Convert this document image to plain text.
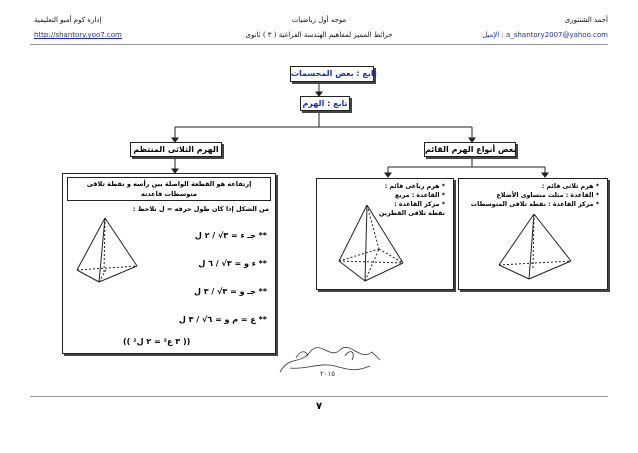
أحمد الشنتورى
الإميل : a_shantory2007@yahoo.com
موجه أول رياضيات
خرائط المميز لمفاهيم الهندسة الفراغية ( ٣ ) ثانوى
إدارة كوم أمبو التعليمية
http://shantory.yoo7.com
تابع : بعض المجسمات
تابع : الهرم
بعض أنواع الهرم القائم
الهرم الثلاثى المنتظم
* هرم ثلاثى قائم :
* القاعدة : مثلث متساوى الأضلاع
* مركز القاعدة : نقطة تلاقى المتوسطات
* هرم رباعى قائم :
* القاعدة : مربع
* مركز القاعدة :
نقطة تلاقى القطرين
إرتفاعه هو القطعة الواصلة بين رأسه و نقطة تلاقى
متوسطات قاعدته
من الشكل إذا كان طول حرفه = ل نلاحظ :
** جـ ء = ٣√ / ٢ ل
** ء و = ٣√ / ٦ ل
** جـ و = ٣√ / ٣ ل
** ع = م و = ٦√ / ٣ ل
(( ٣ ع² = ٢ ل² ))
٢٠١٥
٧
